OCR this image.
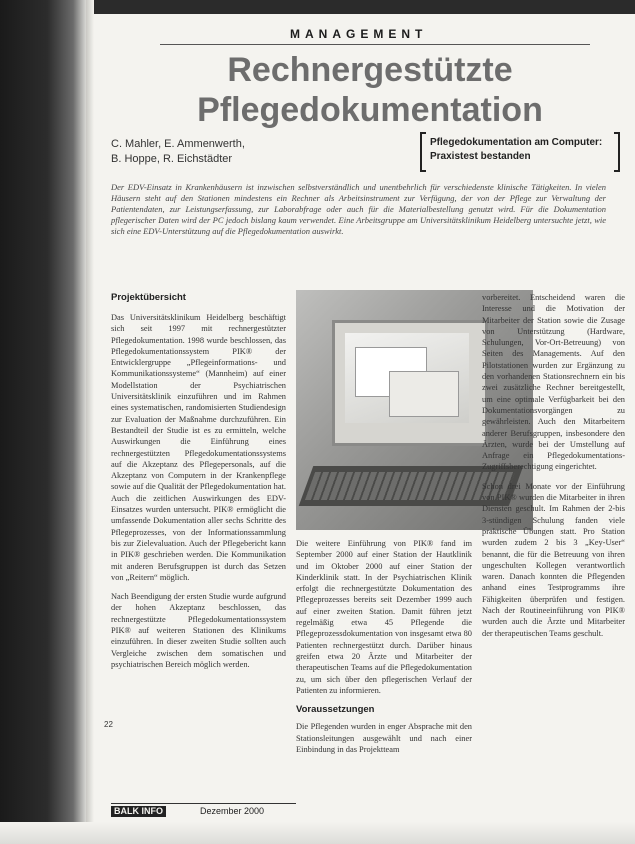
MANAGEMENT
Rechnergestützte Pflegedokumentation
C. Mahler, E. Ammenwerth,
B. Hoppe, R. Eichstädter
Pflegedokumentation am Computer:
Praxistest bestanden
Der EDV-Einsatz in Krankenhäusern ist inzwischen selbstverständlich und unentbehrlich für verschiedenste klinische Tätigkeiten. In vielen Häusern steht auf den Stationen mindestens ein Rechner als Arbeitsinstrument zur Verfügung, der von der Pflege zur Verwaltung der Patientendaten, zur Leistungserfassung, zur Laborabfrage oder auch für die Materialbestellung genutzt wird. Für die Dokumentation pflegerischer Daten wird der PC jedoch bislang kaum verwendet. Eine Arbeitsgruppe am Universitätsklinikum Heidelberg untersuchte jetzt, wie sich eine EDV-Unterstützung auf die Pflegedokumentation auswirkt.
Projektübersicht

Das Universitätsklinikum Heidelberg beschäftigt sich seit 1997 mit rechnergestützter Pflegedokumentation. 1998 wurde beschlossen, das Pflegedokumentationssystem PIK® der Entwicklergruppe „Pflegeinformations- und Kommunikationssysteme“ (Mannheim) auf einer Modellstation der Psychiatrischen Universitätsklinik einzuführen und im Rahmen eines systematischen, randomisierten Studiendesign zur Evaluation der Maßnahme durchzuführen. Ein Bestandteil der Studie ist es zu ermitteln, welche Auswirkungen die Einführung eines rechnergestützten Pflegedokumentationssystems auf die Akzeptanz des Pflegepersonals, auf die Akzeptanz von Computern in der Krankenpflege sowie auf die Qualität der Pflegedokumentation hat. Auch die zeitlichen Auswirkungen des EDV-Einsatzes wurden untersucht. PIK® ermöglicht die umfassende Dokumentation aller sechs Schritte des Pflegeprozesses, von der Informationssammlung bis zur Zielevaluation. Auch der Pflegebericht kann in PIK® geschrieben werden. Die Kommunikation mit anderen Berufsgruppen ist durch das Setzen von „Reitern“ möglich.

Nach Beendigung der ersten Studie wurde aufgrund der hohen Akzeptanz beschlossen, das rechnergestützte Pflegedokumentationssystem PIK® auf weiteren Stationen des Klinikums einzuführen. In dieser zweiten Studie sollten auch Vergleiche zwischen dem somatischen und psychiatrischen Bereich möglich werden.

Die weitere Einführung von PIK® fand im September 2000 auf einer Station der Hautklinik und im Oktober 2000 auf einer Station der Kinderklinik statt. In der Psychiatrischen Klinik erfolgt die rechnergestützte Dokumentation des Pflegeprozesses bereits seit Dezember 1999 auch auf einer zweiten Station. Damit führen jetzt regelmäßig etwa 45 Pflegende die Pflegeprozessdokumentation von insgesamt etwa 80 Patienten rechnergestützt durch. Darüber hinaus greifen etwa 20 Ärzte und Mitarbeiter der therapeutischen Teams auf die Pflegedokumentation zu, um sich über den pflegerischen Verlauf der Patienten zu informieren.

Voraussetzungen

Die Pflegenden wurden in enger Absprache mit den Stationsleitungen ausgewählt und nach einer Einbindung in das Projektteam

vorbereitet. Entscheidend waren die Interesse und die Motivation der Mitarbeiter der Station sowie die Zusage von Unterstützung (Hardware, Schulungen, Vor-Ort-Betreuung) von Seiten des Managements. Auf den Pilotstationen wurden zur Ergänzung zu den vorhandenen Stationsrechnern ein bis zwei zusätzliche Rechner bereitgestellt, um eine optimale Verfügbarkeit bei den Dokumentationsvorgängen zu gewährleisten. Auch den Mitarbeitern anderer Berufsgruppen, insbesondere den Ärzten, wurde bei der Umstellung auf Anfrage ein Pflegedokumentations-Zugriffsberechtigung eingerichtet.

Schon drei Monate vor der Einführung von PIK® wurden die Mitarbeiter in ihren Diensten geschult. Im Rahmen der 2-bis 3-stündigen Schulung fanden viele praktische Übungen statt. Pro Station wurden zudem 2 bis 3 „Key-User“ benannt, die für die Betreuung von ihren ungeschulten Kollegen verantwortlich waren. Danach konnten die Pflegenden anhand eines Testprogramms ihre Fähigkeiten überprüfen und festigen. Nach der Routineeinführung von PIK® wurden auch die Ärzte und Mitarbeiter der therapeutischen Teams geschult.

22
BALK INFO	Dezember 2000
